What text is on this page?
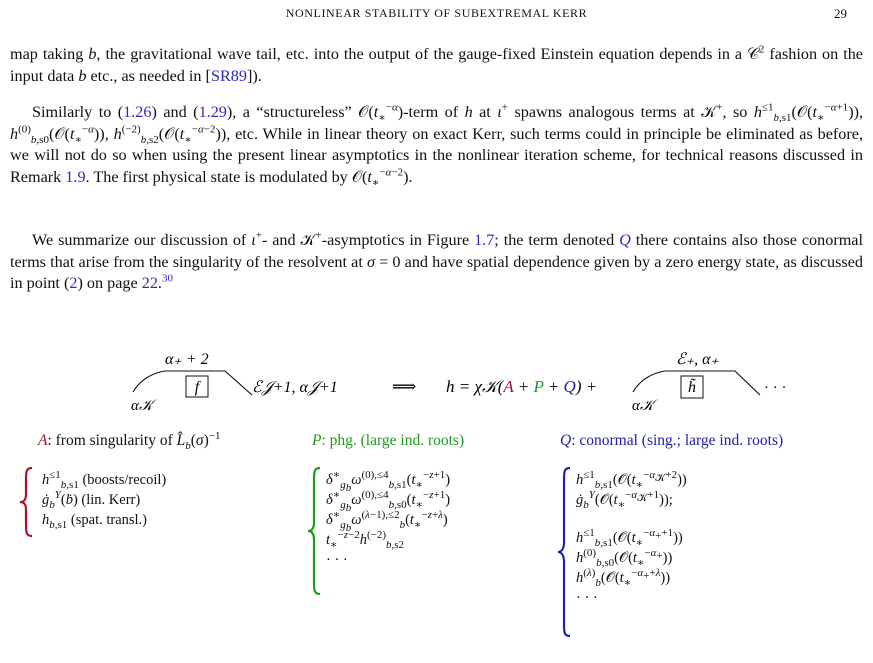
NONLINEAR STABILITY OF SUBEXTREMAL KERR	29
map taking b, the gravitational wave tail, etc. into the output of the gauge-fixed Einstein equation depends in a 𝒞$^2$ fashion on the input data b etc., as needed in [SR89]).
Similarly to (1.26) and (1.29), a “structureless” $𝒪(t_∗^{-\alpha})$-term of h at ι+ spawns analogous terms at 𝒦+, so $h^{\le 1}_{b,s1}(𝒪(t_∗^{-\alpha+1}))$, $h^{(0)}_{b,s0}(𝒪(t_∗^{-\alpha}))$, $h^{(-2)}_{b,s2}(𝒪(t_∗^{-\alpha-2}))$, etc. While in linear theory on exact Kerr, such terms could in principle be eliminated as before, we will not do so when using the present linear asymptotics in the nonlinear iteration scheme, for technical reasons discussed in Remark 1.9. The first physical state is modulated by $𝒪(t_∗^{-\alpha-2})$.
We summarize our discussion of ι+- and 𝒦+-asymptotics in Figure 1.7; the term denoted Q there contains also those conormal terms that arise from the singularity of the resolvent at σ = 0 and have spatial dependence given by a zero energy state, as discussed in point (2) on page 22.30
f
α₊ + 2
α𝒦
ℰ𝒥+1, α𝒥+1	⟹ h = χ𝒦(A + P + Q) +	h̃
ℰ₊, α₊
α𝒦
· · ·
A: from singularity of $L̂_b(\sigma)^{-1}$	P: phg. (large ind. roots)	Q: conormal (sing.; large ind. roots)
$h^{\le 1}_{b,s1}$ (boosts/recoil)
$ġ_b^\Upsilon(ḃ)$ (lin. Kerr)
$h_{b,s1}$ (spat. transl.)
$\delta^∗_{g_b}\omega^{(0),\le 4}_{b,s1}(t_∗^{-z+1})$
$\delta^∗_{g_b}\omega^{(0),\le 4}_{b,s0}(t_∗^{-z+1})$
$\delta^∗_{g_b}\omega^{(\lambda-1),\le 2}_b(t_∗^{-z+\lambda})$
$t_∗^{-z-2}h^{(-2)}_{b,s2}$
· · ·
$h^{\le 1}_{b,s1}(𝒪(t_∗^{-\alpha_𝒦+2}))$
$ġ_b^\Upsilon(𝒪(t_∗^{-\alpha_𝒦+1}))$;
$h^{\le 1}_{b,s1}(𝒪(t_∗^{-\alpha_++1}))$
$h^{(0)}_{b,s0}(𝒪(t_∗^{-\alpha_+}))$
$h^{(\lambda)}_b(𝒪(t_∗^{-\alpha_++\lambda}))$
· · ·
